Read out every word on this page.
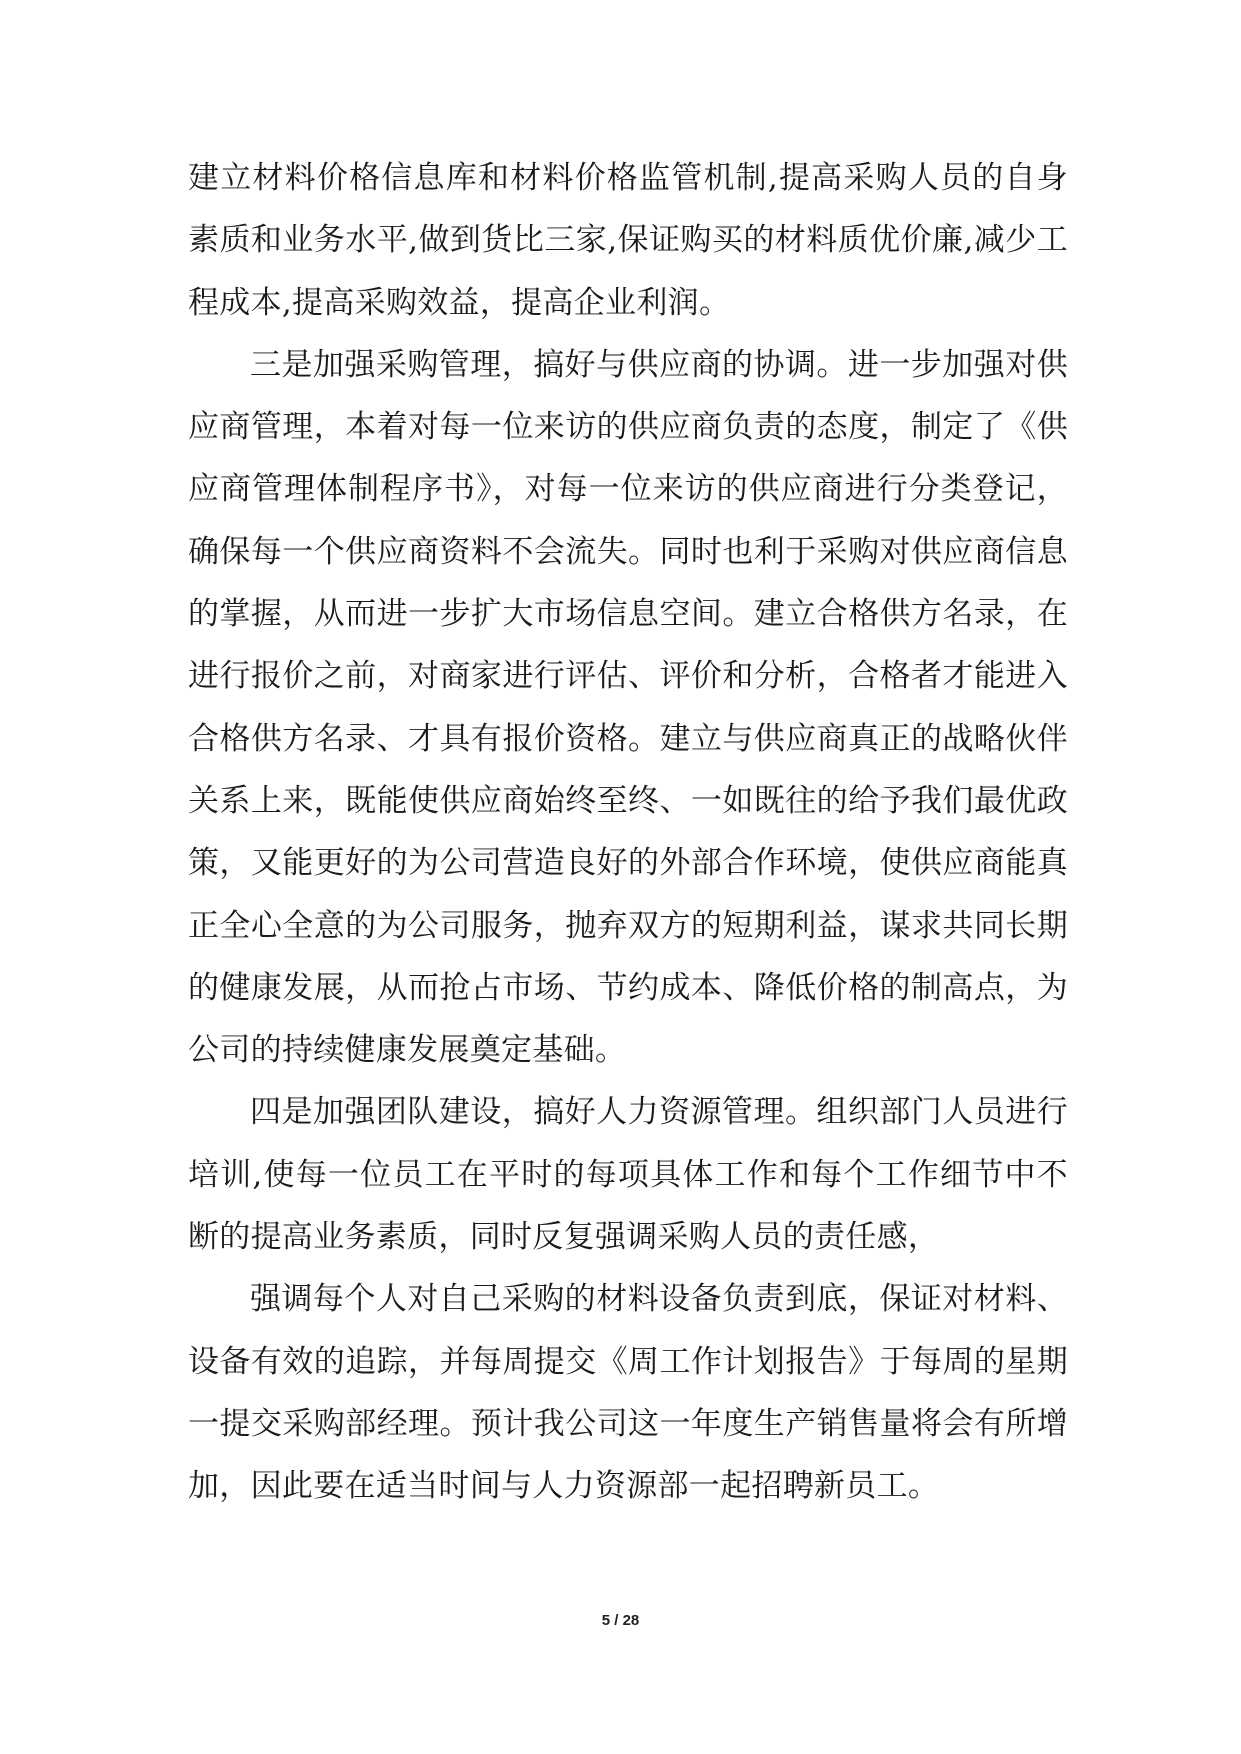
建立材料价格信息库和材料价格监管机制,提高采购人员的自身素质和业务水平,做到货比三家,保证购买的材料质优价廉,减少工程成本,提高采购效益，提高企业利润。

三是加强采购管理，搞好与供应商的协调。进一步加强对供应商管理，本着对每一位来访的供应商负责的态度，制定了《供应商管理体制程序书》，对每一位来访的供应商进行分类登记，确保每一个供应商资料不会流失。同时也利于采购对供应商信息的掌握，从而进一步扩大市场信息空间。建立合格供方名录，在进行报价之前，对商家进行评估、评价和分析，合格者才能进入合格供方名录、才具有报价资格。建立与供应商真正的战略伙伴关系上来，既能使供应商始终至终、一如既往的给予我们最优政策，又能更好的为公司营造良好的外部合作环境，使供应商能真正全心全意的为公司服务，抛弃双方的短期利益，谋求共同长期的健康发展，从而抢占市场、节约成本、降低价格的制高点，为公司的持续健康发展奠定基础。

四是加强团队建设，搞好人力资源管理。组织部门人员进行培训,使每一位员工在平时的每项具体工作和每个工作细节中不断的提高业务素质，同时反复强调采购人员的责任感，

强调每个人对自己采购的材料设备负责到底，保证对材料、设备有效的追踪，并每周提交《周工作计划报告》于每周的星期一提交采购部经理。预计我公司这一年度生产销售量将会有所增加，因此要在适当时间与人力资源部一起招聘新员工。

5 / 28
